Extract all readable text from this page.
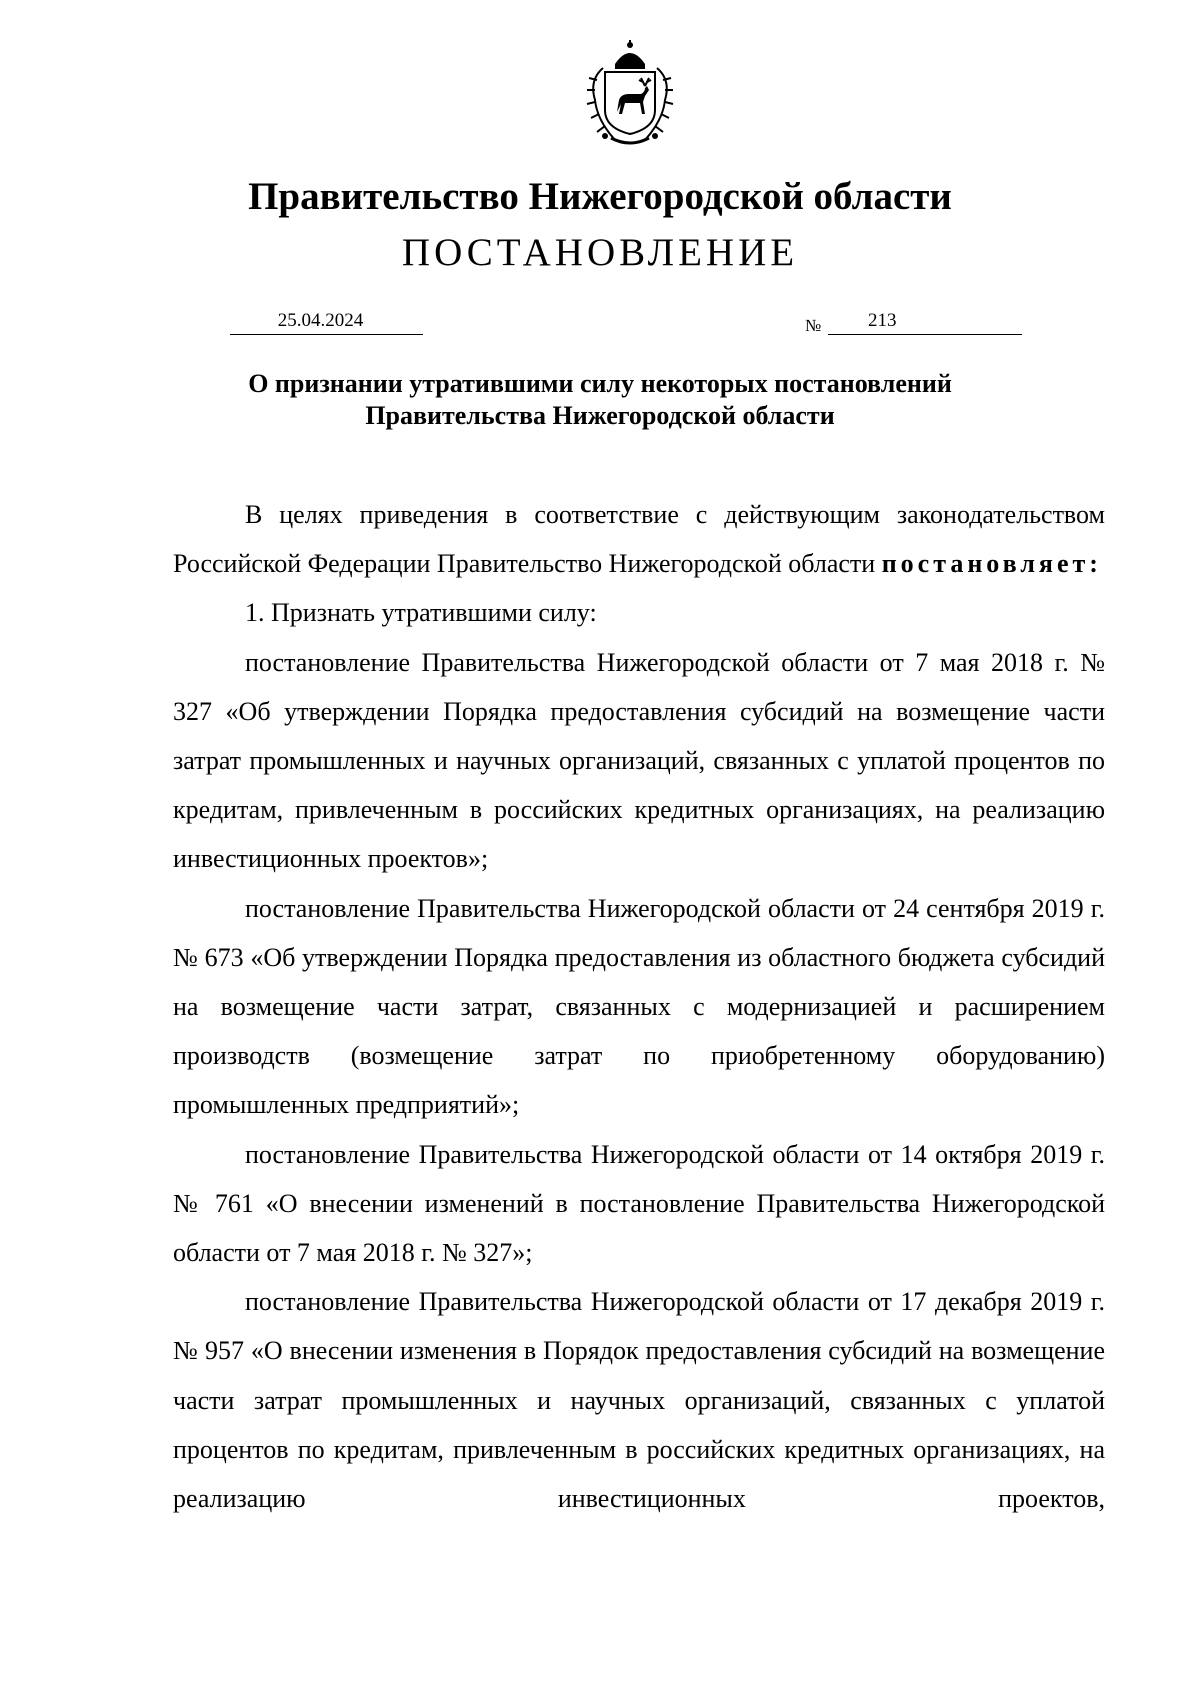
Правительство Нижегородской области
ПОСТАНОВЛЕНИЕ
25.04.2024	№	213
О признании утратившими силу некоторых постановлений
Правительства Нижегородской области

В целях приведения в соответствие с действующим законодательством Российской Федерации Правительство Нижегородской области постановляет:

1. Признать утратившими силу:

постановление Правительства Нижегородской области от 7 мая 2018 г. № 327 «Об утверждении Порядка предоставления субсидий на возмещение части затрат промышленных и научных организаций, связанных с уплатой процентов по кредитам, привлеченным в российских кредитных организациях, на реализацию инвестиционных проектов»;

постановление Правительства Нижегородской области от 24 сентября 2019 г. № 673 «Об утверждении Порядка предоставления из областного бюджета субсидий на возмещение части затрат, связанных с модернизацией и расширением производств (возмещение затрат по приобретенному оборудованию) промышленных предприятий»;

постановление Правительства Нижегородской области от 14 октября 2019 г. № 761 «О внесении изменений в постановление Правительства Нижегородской области от 7 мая 2018 г. № 327»;

постановление Правительства Нижегородской области от 17 декабря 2019 г. № 957 «О внесении изменения в Порядок предоставления субсидий на возмещение части затрат промышленных и научных организаций, связанных с уплатой процентов по кредитам, привлеченным в российских кредитных организациях, на реализацию инвестиционных проектов,
